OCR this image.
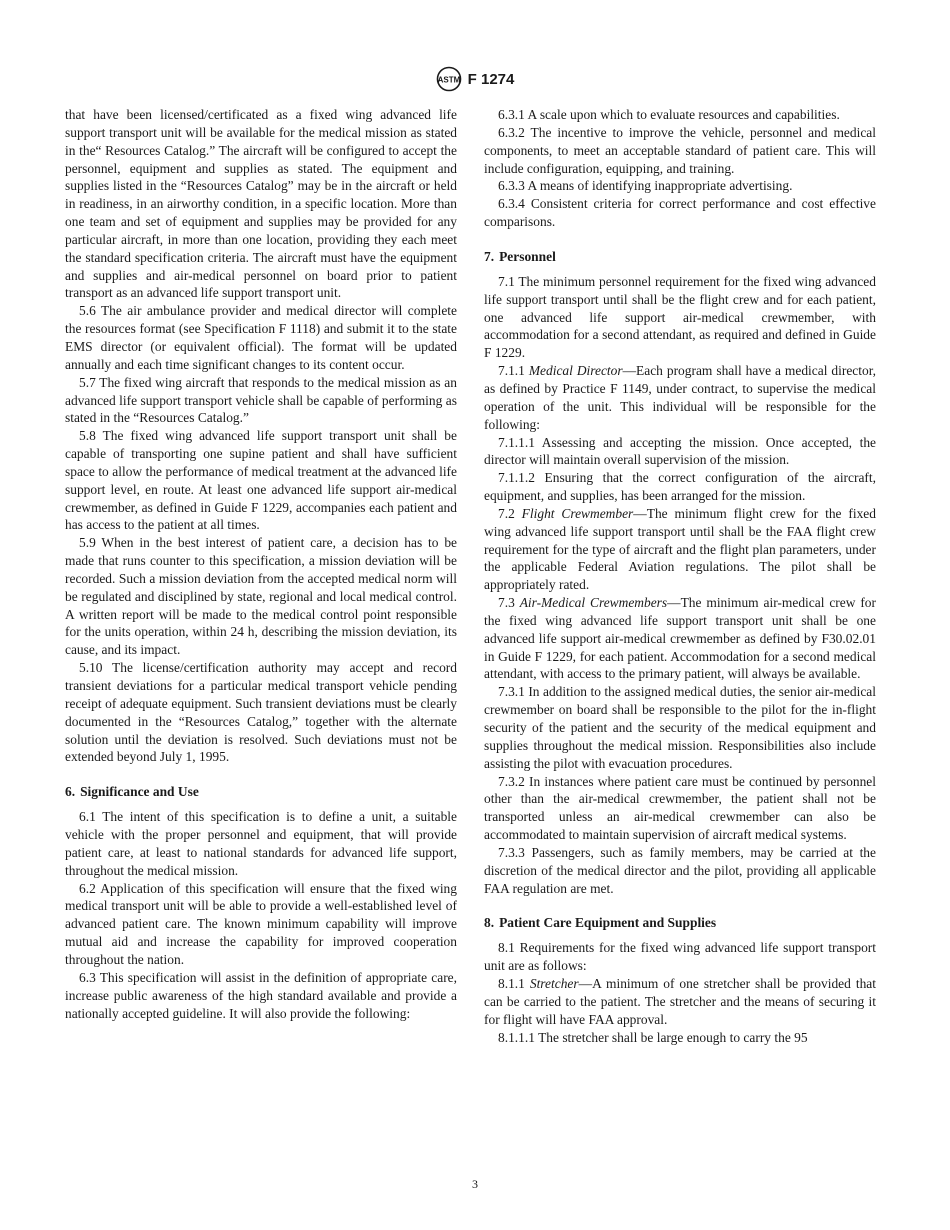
ASTM F 1274

that have been licensed/certificated as a fixed wing advanced life support transport unit will be available for the medical mission as stated in the“ Resources Catalog.” The aircraft will be configured to accept the personnel, equipment and supplies as stated. The equipment and supplies listed in the “Resources Catalog” may be in the aircraft or held in readiness, in an airworthy condition, in a specific location. More than one team and set of equipment and supplies may be provided for any particular aircraft, in more than one location, providing they each meet the standard specification criteria. The aircraft must have the equipment and supplies and air-medical personnel on board prior to patient transport as an advanced life support transport unit.

5.6 The air ambulance provider and medical director will complete the resources format (see Specification F 1118) and submit it to the state EMS director (or equivalent official). The format will be updated annually and each time significant changes to its content occur.

5.7 The fixed wing aircraft that responds to the medical mission as an advanced life support transport vehicle shall be capable of performing as stated in the “Resources Catalog.”

5.8 The fixed wing advanced life support transport unit shall be capable of transporting one supine patient and shall have sufficient space to allow the performance of medical treatment at the advanced life support level, en route. At least one advanced life support air-medical crewmember, as defined in Guide F 1229, accompanies each patient and has access to the patient at all times.

5.9 When in the best interest of patient care, a decision has to be made that runs counter to this specification, a mission deviation will be recorded. Such a mission deviation from the accepted medical norm will be regulated and disciplined by state, regional and local medical control. A written report will be made to the medical control point responsible for the units operation, within 24 h, describing the mission deviation, its cause, and its impact.

5.10 The license/certification authority may accept and record transient deviations for a particular medical transport vehicle pending receipt of adequate equipment. Such transient deviations must be clearly documented in the “Resources Catalog,” together with the alternate solution until the deviation is resolved. Such deviations must not be extended beyond July 1, 1995.

6. Significance and Use

6.1 The intent of this specification is to define a unit, a suitable vehicle with the proper personnel and equipment, that will provide patient care, at least to national standards for advanced life support, throughout the medical mission.

6.2 Application of this specification will ensure that the fixed wing medical transport unit will be able to provide a well-established level of advanced patient care. The known minimum capability will improve mutual aid and increase the capability for improved cooperation throughout the nation.

6.3 This specification will assist in the definition of appropriate care, increase public awareness of the high standard available and provide a nationally accepted guideline. It will also provide the following:

6.3.1 A scale upon which to evaluate resources and capabilities.

6.3.2 The incentive to improve the vehicle, personnel and medical components, to meet an acceptable standard of patient care. This will include configuration, equipping, and training.

6.3.3 A means of identifying inappropriate advertising.

6.3.4 Consistent criteria for correct performance and cost effective comparisons.

7. Personnel

7.1 The minimum personnel requirement for the fixed wing advanced life support transport until shall be the flight crew and for each patient, one advanced life support air-medical crewmember, with accommodation for a second attendant, as required and defined in Guide F 1229.

7.1.1 Medical Director—Each program shall have a medical director, as defined by Practice F 1149, under contract, to supervise the medical operation of the unit. This individual will be responsible for the following:

7.1.1.1 Assessing and accepting the mission. Once accepted, the director will maintain overall supervision of the mission.

7.1.1.2 Ensuring that the correct configuration of the aircraft, equipment, and supplies, has been arranged for the mission.

7.2 Flight Crewmember—The minimum flight crew for the fixed wing advanced life support transport until shall be the FAA flight crew requirement for the type of aircraft and the flight plan parameters, under the applicable Federal Aviation regulations. The pilot shall be appropriately rated.

7.3 Air-Medical Crewmembers—The minimum air-medical crew for the fixed wing advanced life support transport unit shall be one advanced life support air-medical crewmember as defined by F30.02.01 in Guide F 1229, for each patient. Accommodation for a second medical attendant, with access to the primary patient, will always be available.

7.3.1 In addition to the assigned medical duties, the senior air-medical crewmember on board shall be responsible to the pilot for the in-flight security of the patient and the security of the medical equipment and supplies throughout the medical mission. Responsibilities also include assisting the pilot with evacuation procedures.

7.3.2 In instances where patient care must be continued by personnel other than the air-medical crewmember, the patient shall not be transported unless an air-medical crewmember can also be accommodated to maintain supervision of aircraft medical systems.

7.3.3 Passengers, such as family members, may be carried at the discretion of the medical director and the pilot, providing all applicable FAA regulation are met.

8. Patient Care Equipment and Supplies

8.1 Requirements for the fixed wing advanced life support transport unit are as follows:

8.1.1 Stretcher—A minimum of one stretcher shall be provided that can be carried to the patient. The stretcher and the means of securing it for flight will have FAA approval.

8.1.1.1 The stretcher shall be large enough to carry the 95

3
